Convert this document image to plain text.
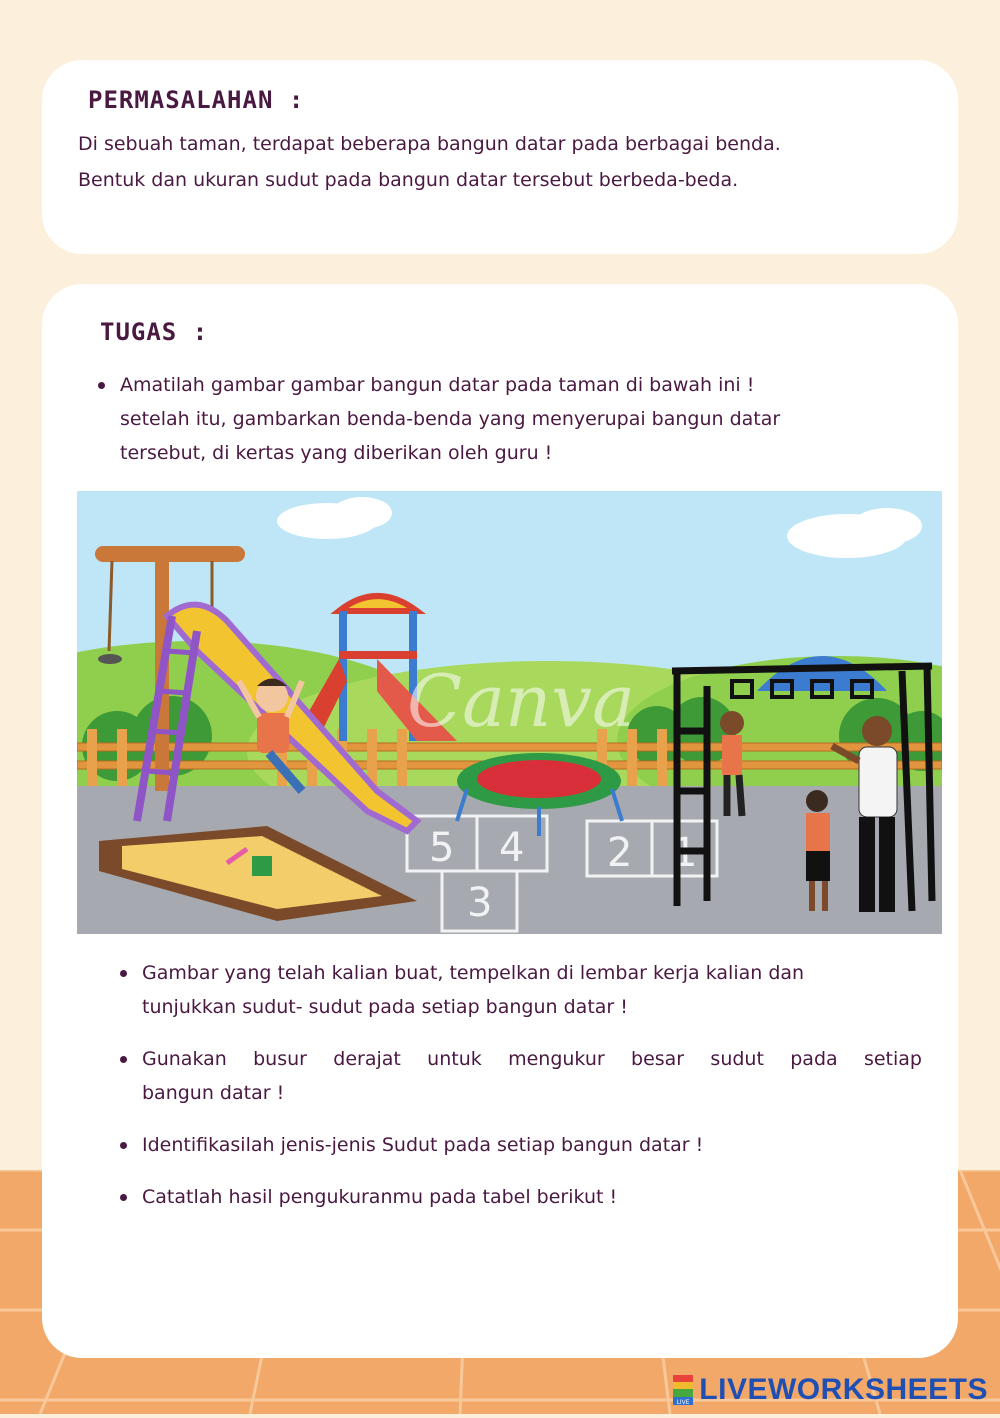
PERMASALAHAN :
Di sebuah taman, terdapat beberapa bangun datar pada berbagai benda.
Bentuk dan ukuran sudut pada bangun datar tersebut berbeda-beda.
TUGAS :
Amatilah gambar gambar bangun datar pada taman di bawah ini !
setelah itu, gambarkan benda-benda yang menyerupai bangun datar
tersebut, di kertas yang diberikan oleh guru !
5 4
3
2 1
Canva
Gambar yang telah kalian buat, tempelkan di lembar kerja kalian dan
tunjukkan sudut- sudut pada setiap bangun datar !
Gunakan busur derajat untuk mengukur besar sudut pada setiap
bangun datar !
Identifikasilah jenis-jenis Sudut pada setiap bangun datar !
Catatlah hasil pengukuranmu pada tabel berikut !
LIVE LIVEWORKSHEETS
